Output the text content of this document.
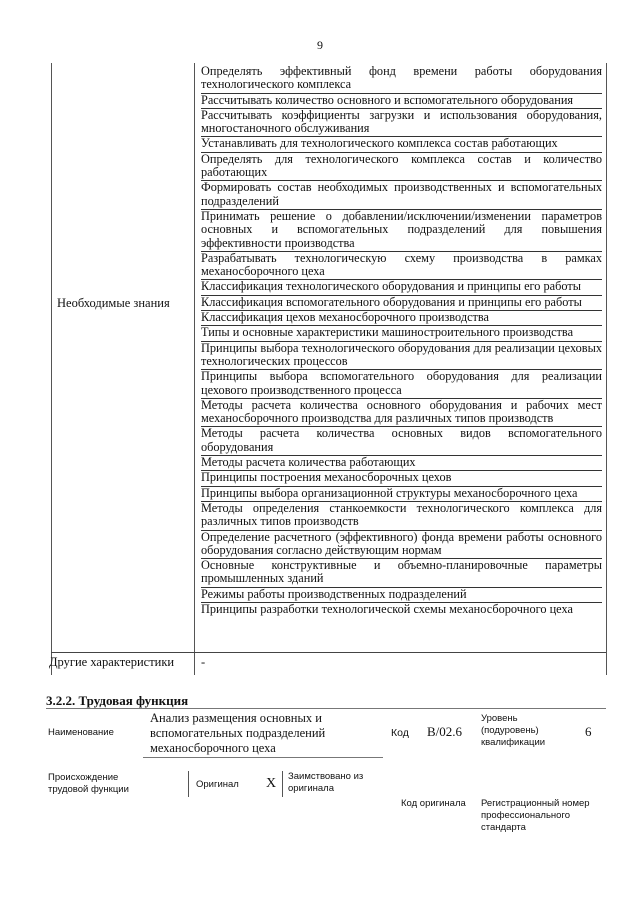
9
Необходимые знания
Другие характеристики -
Определять эффективный фонд времени работы оборудования технологического комплекса
Рассчитывать количество основного и вспомогательного оборудования
Рассчитывать коэффициенты загрузки и использования оборудования, многостаночного обслуживания
Устанавливать для технологического комплекса состав работающих
Определять для технологического комплекса состав и количество работающих
Формировать состав необходимых производственных и вспомогательных подразделений
Принимать решение о добавлении/исключении/изменении параметров основных и вспомогательных подразделений для повышения эффективности производства
Разрабатывать технологическую схему производства в рамках механосборочного цеха
Классификация технологического оборудования и принципы его работы
Классификация вспомогательного оборудования и принципы его работы
Классификация цехов механосборочного производства
Типы и основные характеристики машиностроительного производства
Принципы выбора технологического оборудования для реализации цеховых технологических процессов
Принципы выбора вспомогательного оборудования для реализации цехового производственного процесса
Методы расчета количества основного оборудования и рабочих мест механосборочного производства для различных типов производств
Методы расчета количества основных видов вспомогательного оборудования
Методы расчета количества работающих
Принципы построения механосборочных цехов
Принципы выбора организационной структуры механосборочного цеха
Методы определения станкоемкости технологического комплекса для различных типов производств
Определение расчетного (эффективного) фонда времени работы основного оборудования согласно действующим нормам
Основные конструктивные и объемно-планировочные параметры промышленных зданий
Режимы работы производственных подразделений
Принципы разработки технологической схемы механосборочного цеха
3.2.2. Трудовая функция
Наименование
Анализ размещения основных и вспомогательных подразделений механосборочного цеха
Код B/02.6
Уровень (подуровень) квалификации
6
Происхождение трудовой функции	Оригинал X Заимствовано из оригинала
Код оригинала Регистрационный номер профессионального стандарта
